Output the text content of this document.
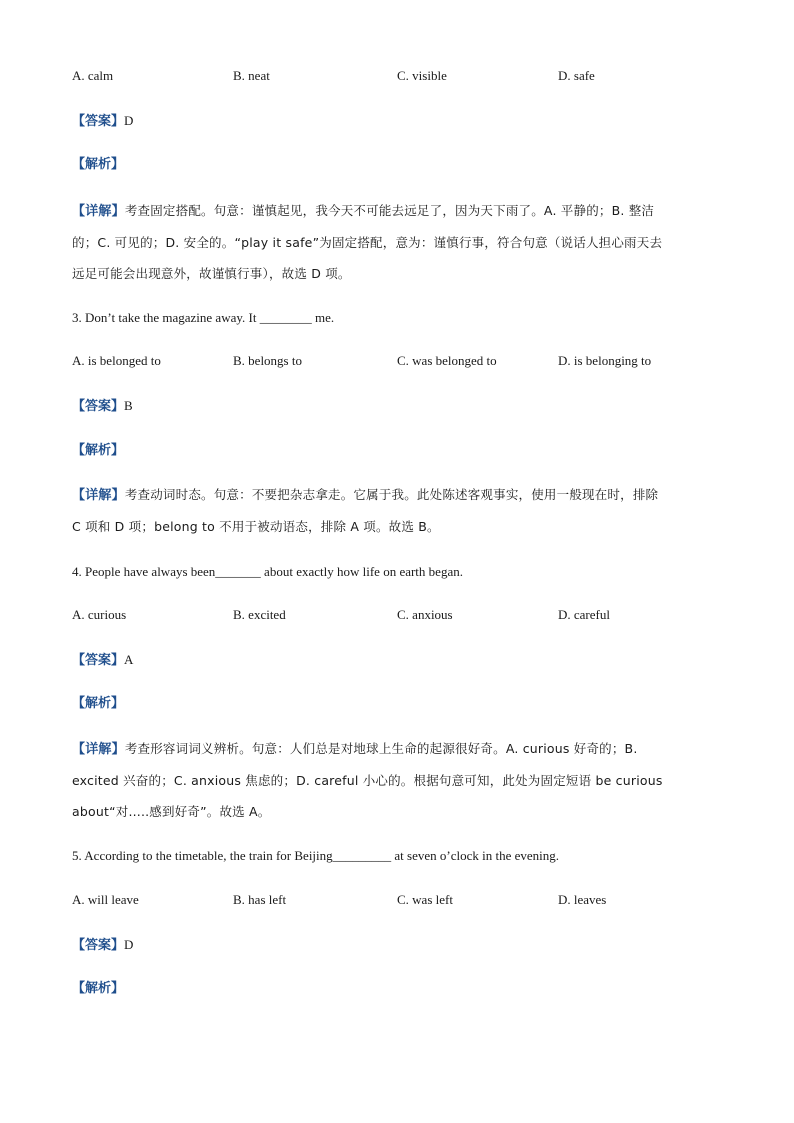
A. calm	B. neat	C. visible	D. safe
【答案】D
【解析】
【详解】考查固定搭配。句意：谨慎起见，我今天不可能去远足了，因为天下雨了。A. 平静的；B. 整洁
的；C. 可见的；D. 安全的。“play it safe”为固定搭配，意为：谨慎行事，符合句意（说话人担心雨天去
远足可能会出现意外，故谨慎行事），故选 D 项。
3. Don’t take the magazine away. It ________ me.
A. is belonged to	B. belongs to	C. was belonged to	D. is belonging to
【答案】B
【解析】
【详解】考查动词时态。句意：不要把杂志拿走。它属于我。此处陈述客观事实，使用一般现在时，排除
C 项和 D 项；belong to 不用于被动语态，排除 A 项。故选 B。
4. People have always been_______ about exactly how life on earth began.
A. curious	B. excited	C. anxious	D. careful
【答案】A
【解析】
【详解】考查形容词词义辨析。句意：人们总是对地球上生命的起源很好奇。A. curious 好奇的；B.
excited 兴奋的；C. anxious 焦虑的；D. careful 小心的。根据句意可知，此处为固定短语 be curious
about“对.....感到好奇”。故选 A。
5. According to the timetable, the train for Beijing_________ at seven o’clock in the evening.
A. will leave	B. has left	C. was left	D. leaves
【答案】D
【解析】
